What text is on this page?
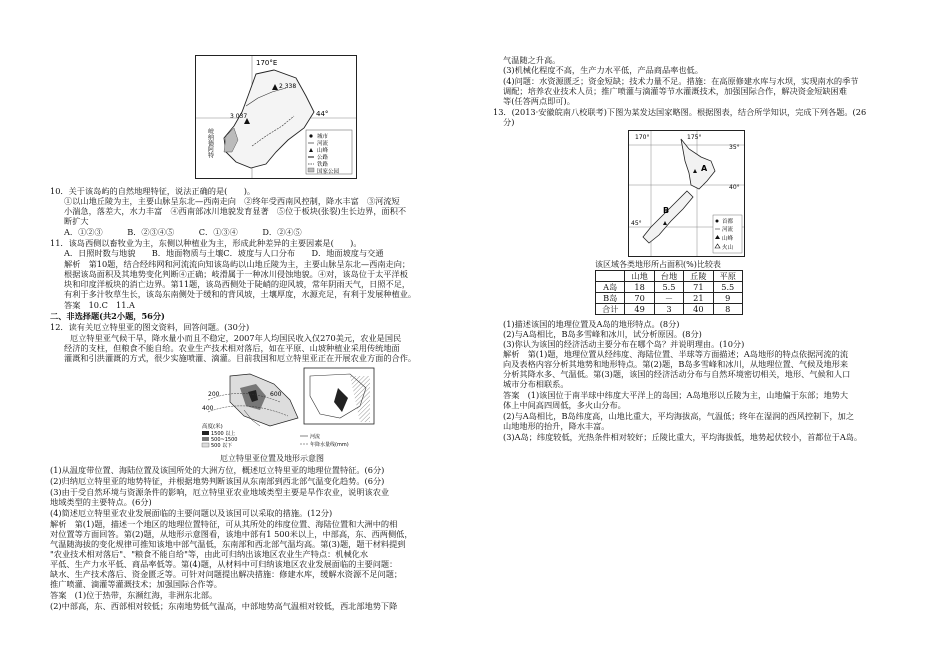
170°E
44°
2 338
3 037
岐纳德阿特	城市
河流
山峰
公路
铁路
国家公园
10．关于该岛屿的自然地理特征，说法正确的是(　　)。
①以山地丘陵为主，主要山脉呈东北—西南走向　②终年受西南风控制，降水丰富　③河流短
小湍急，落差大，水力丰富　④西南部冰川地貌发育显著　⑤位于板块(张裂)生长边界，面积不
断扩大
A．①②③　　　B．②③④⑤　　　C．①③④　　　D．②④⑤
11．该岛西侧以畜牧业为主，东侧以种植业为主，形成此种差异的主要因素是(　　)。
A．日照时数与地貌　　B．地面物质与土壤C．坡度与人口分布　　D．地面坡度与交通
解析　第10题，结合经纬网和河流流向知该岛屿以山地丘陵为主，主要山脉呈东北—西南走向；
根据该岛面积及其地势变化判断④正确；岐滑属于一种冰川侵蚀地貌。④对，该岛位于太平洋板
块和印度洋板块的消亡边界。第11题，该岛西侧处于陡峭的迎风坡，常年阴雨天气，日照不足，
有利于多汁牧草生长，该岛东南侧处于缓和的背风坡，土壤厚度，水源充足，有利于发展种植业。
答案　10.C　11.A
二、非选择题(共2小题，56分)
12．读有关厄立特里亚的图文资料，回答问题。(30分)
厄立特里亚气候干旱，降水量小而且不稳定，2007年人均国民收入仅270美元，农业是国民
经济的支柱，但粮食不能自给。农业生产技术相对落后，如在平原、山坡种植业采用传统地面
灌溉和引洪灌溉的方式，很少实施喷灌、滴灌。目前我国和厄立特里亚正在开展农业方面的合作。
200
400
600
高度(米)
1500 以上
500~1500
500 以下
河流
年降水量线(mm)
厄立特里亚位置及地形示意图
(1)从温度带位置、海陆位置及该国所处的大洲方位，概述厄立特里亚的地理位置特征。(6分)
(2)归纳厄立特里亚的地势特征，并根据地势判断该国从东南部到西北部气温变化趋势。(6分)
(3)由于受自然环境与资源条件的影响，厄立特里亚农业地域类型主要是旱作农业，说明该农业
地域类型的主要特点。(6分)
(4)简述厄立特里亚农业发展面临的主要问题以及该国可以采取的措施。(12分)
解析　第(1)题，描述一个地区的地理位置特征，可从其所处的纬度位置、海陆位置和大洲中的相
对位置等方面回答。第(2)题，从地形示意图看，该地中部有1 500米以上，中部高，东、西两侧低，
气温随海拔的变化规律可推知该地中部气温低，东南部和西北部气温均高。第(3)题，题干材料提到
"农业技术相对落后"、"粮食不能自给"等，由此可归纳出该地区农业生产特点：机械化水
平低、生产力水平低、商品率低等。第(4)题，从材料中可归纳该地区农业发展面临的主要问题：
缺水、生产技术落后、资金匮乏等。可针对问题提出解决措施：修建水库，缓解水资源不足问题；
推广喷灌、滴灌等灌溉技术；加强国际合作等。
答案　(1)位于热带，东濒红海，非洲东北部。
(2)中部高，东、西部相对较低；东南地势低气温高，中部地势高气温相对较低，西北部地势下降
气温随之升高。
(3)机械化程度不高，生产力水平低，产品商品率也低。
(4)问题：水资源匮乏；资金短缺；技术力量不足。措施：在高原修建水库与水坝，实现南水的季节
调配；培养农业技术人员；推广喷灌与滴灌等节水灌溉技术，加强国际合作，解决资金短缺困难
等(任答两点即可)。
13．(2013·安徽皖南八校联考)下图为某发达国家略图。根据图表，结合所学知识，完成下列各题。(26
分)
170°	175°
35°
40°
45°
A
B
首都
河流
山峰
火山
该区域各类地形所占面积(%)比较表
	山地	台地	丘陵	平原
A岛	18	5.5	71	5.5
B岛	70	－	21	9
合计	49	3	40	8
(1)描述该国的地理位置及A岛的地形特点。(8分)
(2)与A岛相比，B岛多雪峰和冰川，试分析原因。(8分)
(3)你认为该国的经济活动主要分布在哪个岛？并说明理由。(10分)
解析　第(1)题，地理位置从经纬度、海陆位置、半球等方面描述；A岛地形的特点依据河流的流
向及表格内容分析其地势和地形特点。第(2)题，B岛多雪峰和冰川，从地理位置、气候及地形来
分析其降水多、气温低。第(3)题，该国的经济活动分布与自然环境密切相关，地形、气候和人口
城市分布相联系。
答案　(1)该国位于南半球中纬度大平洋上的岛国；A岛地形以丘陵为主，山地偏于东部；地势大
体上中间高四周低，多火山分布。
(2)与A岛相比，B岛纬度高，山地比重大，平均海拔高，气温低；终年在湿润的西风控制下，加之
山地地形的抬升，降水丰富。
(3)A岛；纬度较低，光热条件相对较好；丘陵比重大，平均海拔低，地势起伏较小，首都位于A岛。
